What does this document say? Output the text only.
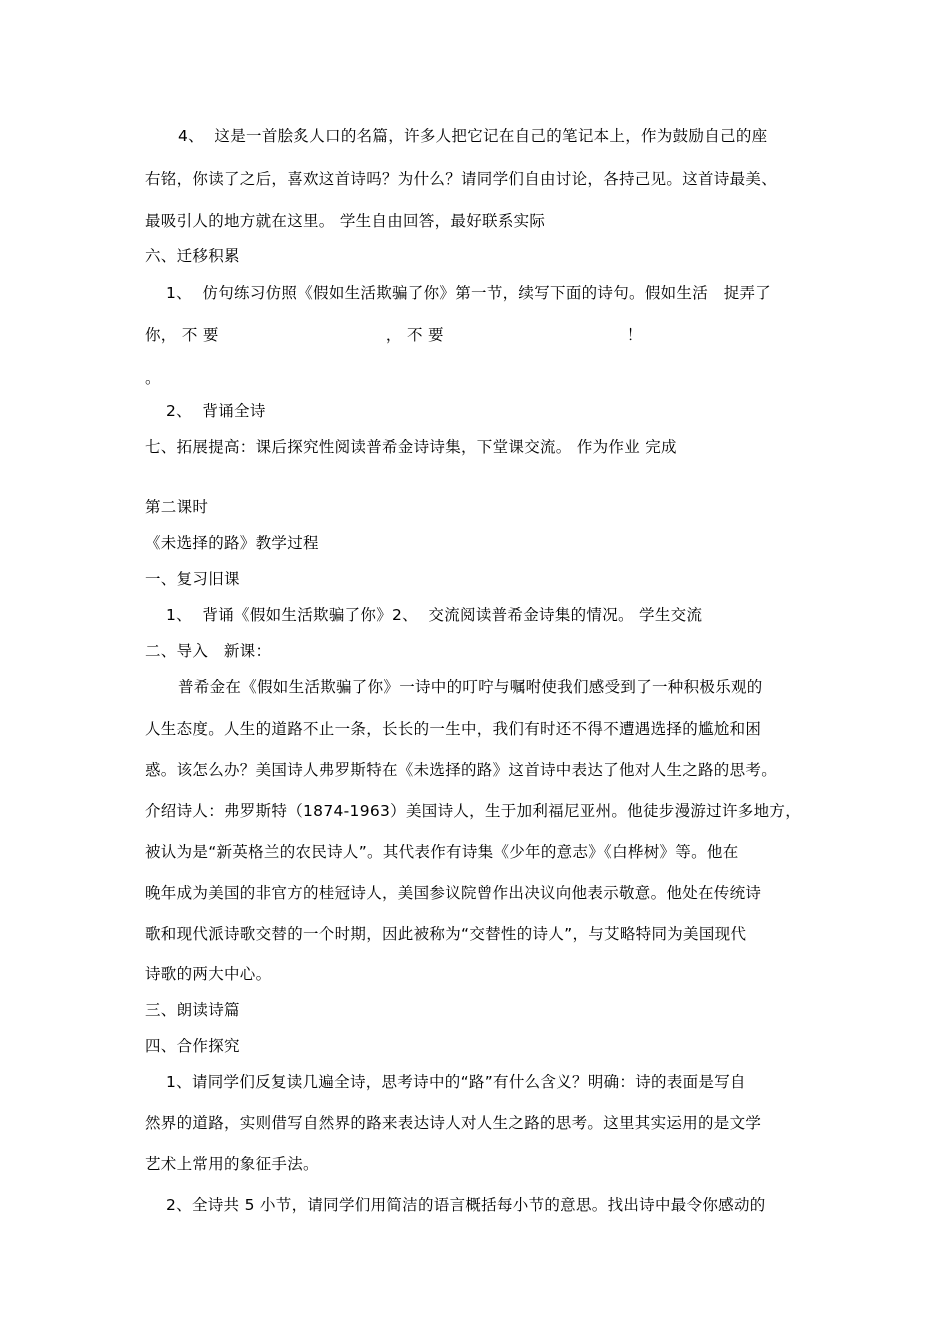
4、  这是一首脍炙人口的名篇，许多人把它记在自己的笔记本上，作为鼓励自己的座
右铭，你读了之后，喜欢这首诗吗？为什么？请同学们自由讨论，各持己见。这首诗最美、
最吸引人的地方就在这里。 学生自由回答，最好联系实际
六、迁移积累
1、  仿句练习仿照《假如生活欺骗了你》第一节，续写下面的诗句。假如生活   捉弄了
你， 不 要                                ， 不 要                                   ！
。
2、  背诵全诗
七、拓展提高：课后探究性阅读普希金诗诗集，下堂课交流。 作为作业 完成
第二课时
《未选择的路》教学过程
一、复习旧课
1、  背诵《假如生活欺骗了你》2、  交流阅读普希金诗集的情况。 学生交流
二、导入   新课：
普希金在《假如生活欺骗了你》一诗中的叮咛与嘱咐使我们感受到了一种积极乐观的
人生态度。人生的道路不止一条，长长的一生中，我们有时还不得不遭遇选择的尴尬和困
惑。该怎么办？美国诗人弗罗斯特在《未选择的路》这首诗中表达了他对人生之路的思考。
介绍诗人：弗罗斯特（1874-1963）美国诗人，生于加利福尼亚州。他徒步漫游过许多地方，
被认为是“新英格兰的农民诗人”。其代表作有诗集《少年的意志》《白桦树》等。他在
晚年成为美国的非官方的桂冠诗人，美国参议院曾作出决议向他表示敬意。他处在传统诗
歌和现代派诗歌交替的一个时期，因此被称为“交替性的诗人”，与艾略特同为美国现代
诗歌的两大中心。
三、朗读诗篇
四、合作探究
1、请同学们反复读几遍全诗，思考诗中的“路”有什么含义？明确：诗的表面是写自
然界的道路，实则借写自然界的路来表达诗人对人生之路的思考。这里其实运用的是文学
艺术上常用的象征手法。
2、全诗共 5 小节，请同学们用简洁的语言概括每小节的意思。找出诗中最令你感动的
